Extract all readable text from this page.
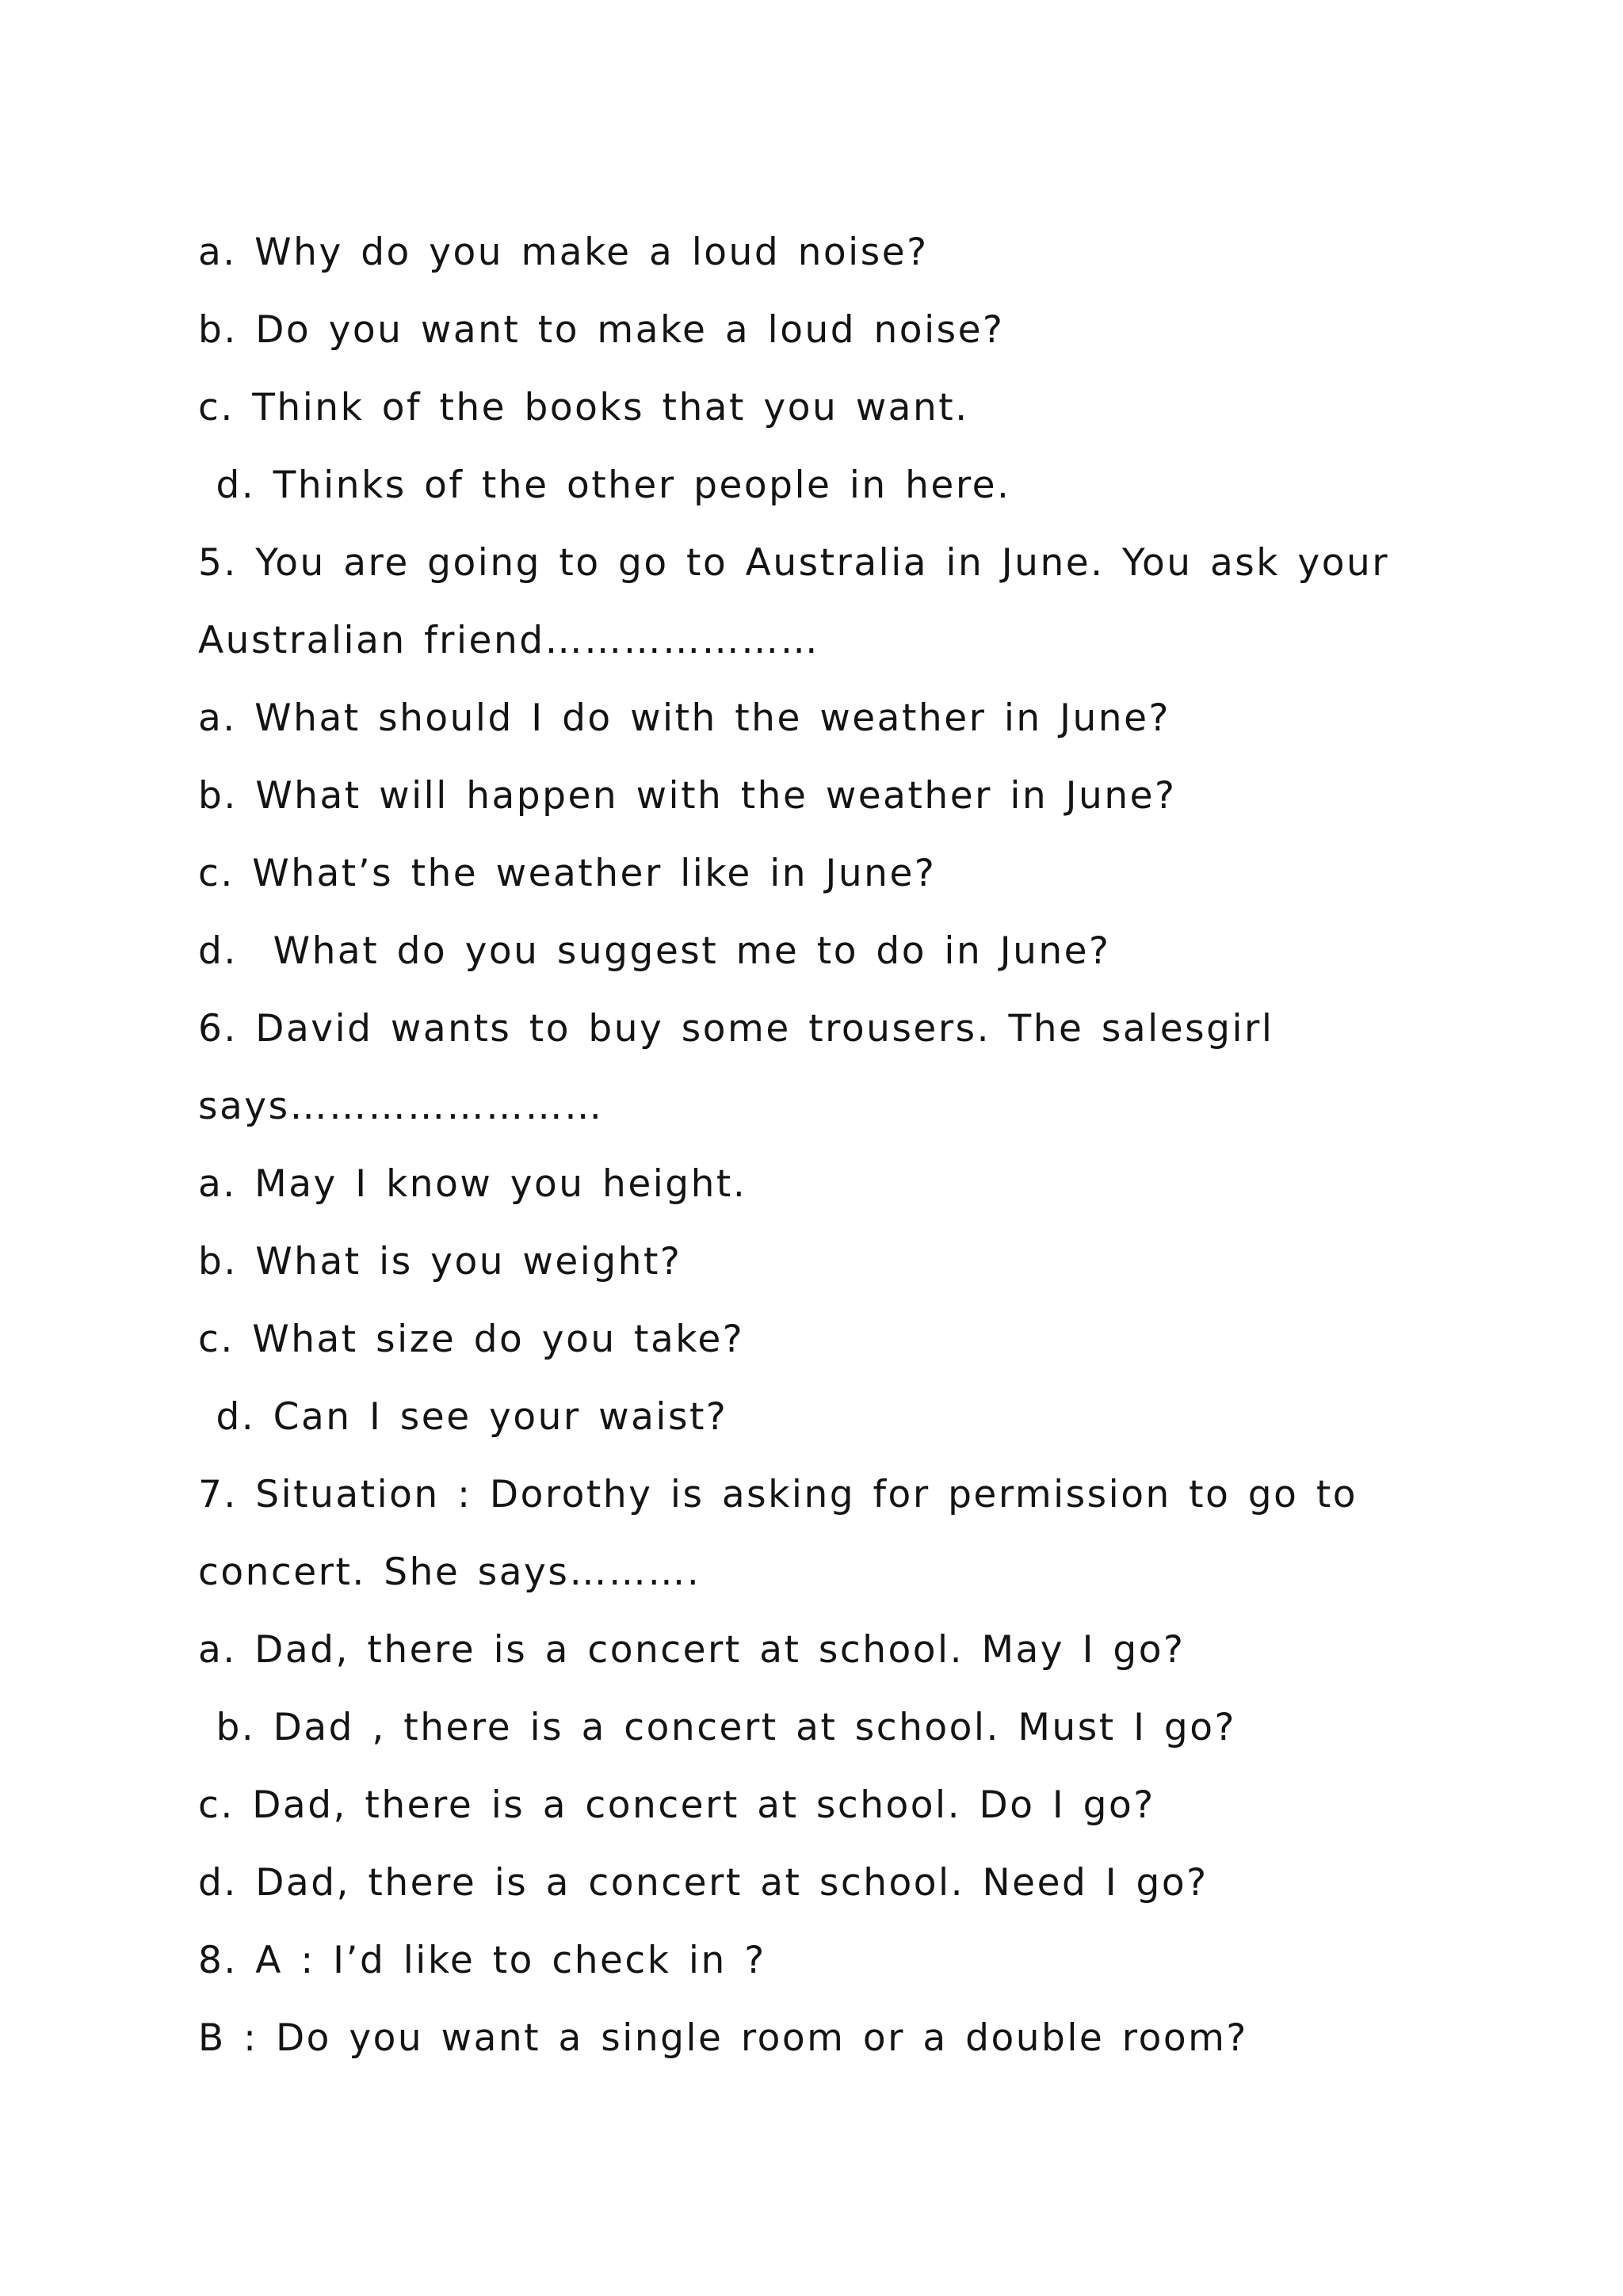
a. Why do you make a loud noise?
b. Do you want to make a loud noise?
c. Think of the books that you want.
d. Thinks of the other people in here.
5. You are going to go to Australia in June. You ask your
Australian friend…………………
a. What should I do with the weather in June?
b. What will happen with the weather in June?
c. What’s the weather like in June?
d.  What do you suggest me to do in June?
6. David wants to buy some trousers. The salesgirl
says……………………
a. May I know you height.
b. What is you weight?
c. What size do you take?
d. Can I see your waist?
7. Situation : Dorothy is asking for permission to go to
concert. She says……….
a. Dad, there is a concert at school. May I go?
b. Dad , there is a concert at school. Must I go?
c. Dad, there is a concert at school. Do I go?
d. Dad, there is a concert at school. Need I go?
8. A : I’d like to check in ?
B : Do you want a single room or a double room?
